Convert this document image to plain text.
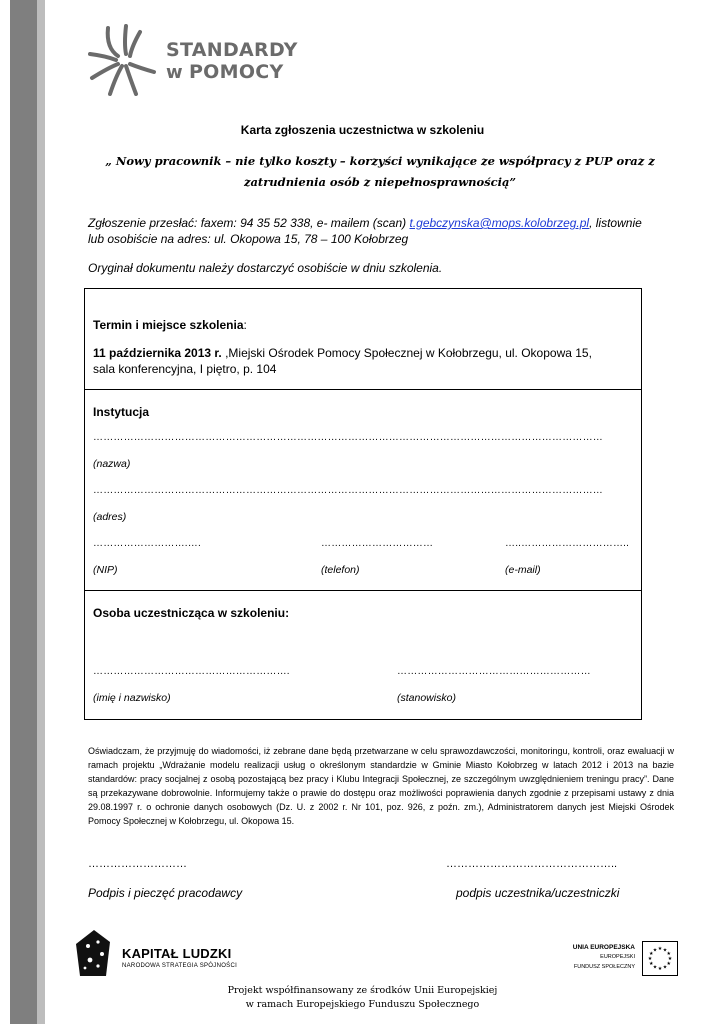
STANDARDY
w POMOCY
Karta zgłoszenia uczestnictwa w szkoleniu
„ Nowy pracownik – nie tylko koszty – korzyści wynikające ze współpracy z PUP oraz z
zatrudnienia osób z niepełnosprawnością”
Zgłoszenie przesłać: faxem: 94 35 52 338, e- mailem (scan) t.gebczynska@mops.kolobrzeg.pl, listownie lub osobiście na adres: ul. Okopowa 15, 78 – 100 Kołobrzeg
Oryginał dokumentu należy dostarczyć osobiście w dniu szkolenia.
Termin i miejsce szkolenia:
11 października 2013 r. ,Miejski Ośrodek Pomocy Społecznej w Kołobrzegu, ul. Okopowa 15,
sala konferencyjna, I piętro, p. 104
Instytucja
……………………………………………………………………………………………………………………………………
(nazwa)
……………………………………………………………………………………………………………………………………
(adres)
……………………….….	……………………………	…..…………………………..
(NIP)	(telefon)	(e-mail)
Osoba uczestnicząca w szkoleniu:
………………………………………………….	…………………………………………………
(imię i nazwisko)	(stanowisko)
Oświadczam, że przyjmuję do wiadomości, iż zebrane dane będą przetwarzane w celu sprawozdawczości, monitoringu, kontroli, oraz ewaluacji w ramach projektu „Wdrażanie modelu realizacji usług o określonym standardzie w Gminie Miasto Kołobrzeg w latach 2012 i 2013 na bazie standardów: pracy socjalnej z osobą pozostającą bez pracy i Klubu Integracji Społecznej, ze szczególnym uwzględnieniem treningu pracy”. Dane są przekazywane dobrowolnie. Informujemy także o prawie do dostępu oraz możliwości poprawienia danych zgodnie z przepisami ustawy z dnia 29.08.1997 r. o ochronie danych osobowych (Dz. U. z 2002 r. Nr 101, poz. 926, z poźn. zm.), Administratorem danych jest Miejski Ośrodek Pomocy Społecznej w Kołobrzegu, ul. Okopowa 15.
………………………	………………………………………..
Podpis i pieczęć pracodawcy	podpis uczestnika/uczestniczki
KAPITAŁ LUDZKI
NARODOWA STRATEGIA SPÓJNOŚCI
UNIA EUROPEJSKA
EUROPEJSKI
FUNDUSZ SPOŁECZNY
★ ★
★
★
★
★
★
★
★
★
★
★
Projekt współfinansowany ze środków Unii Europejskiej
w ramach Europejskiego Funduszu Społecznego
